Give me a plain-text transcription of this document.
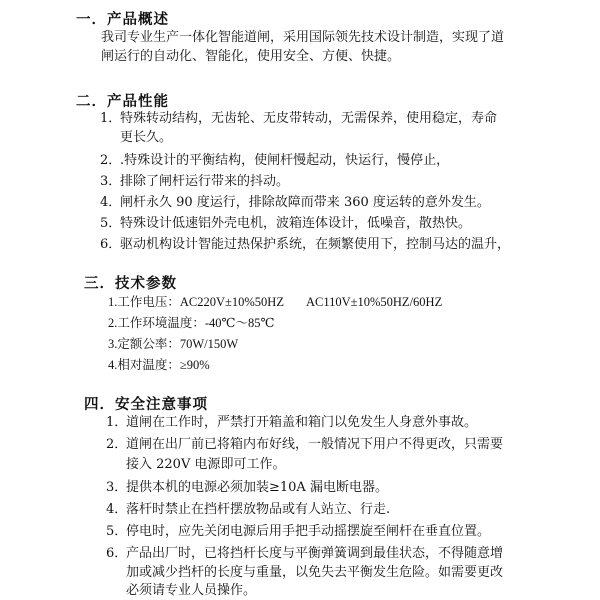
一．产品概述
我司专业生产一体化智能道闸，采用国际领先技术设计制造，实现了道
闸运行的自动化、智能化，使用安全、方便、快捷。
二．产品性能
1．
特殊转动结构，无齿轮、无皮带转动，无需保养，使用稳定，寿命
更长久。
2．
.特殊设计的平衡结构，使闸杆慢起动，快运行，慢停止，
3．
排除了闸杆运行带来的抖动。
4．
闸杆永久 90 度运行，排除故障而带来 360 度运转的意外发生。
5．
特殊设计低速铝外壳电机，波箱连体设计，低噪音，散热快。
6．
驱动机构设计智能过热保护系统，在频繁使用下，控制马达的温升，
三．技术参数
1.工作电压：AC220V±10%50HZ AC110V±10%50HZ/60HZ
2.工作环境温度：-40℃～85℃
3.定额公率：70W/150W
4.相对温度：≥90%
四．安全注意事项
1．
道闸在工作时，严禁打开箱盖和箱门以免发生人身意外事故。
2．
道闸在出厂前已将箱内布好线，一般情况下用户不得更改，只需要
接入 220V 电源即可工作。
3．
提供本机的电源必须加装≥10A 漏电断电器。
4．
落杆时禁止在挡杆摆放物品或有人站立、行走.
5．
停电时，应先关闭电源后用手把手动摇摆旋至闸杆在垂直位置。
6．
产品出厂时，已将挡杆长度与平衡弹簧调到最佳状态，不得随意增
加或减少挡杆的长度与重量，以免失去平衡发生危险。如需要更改
必须请专业人员操作。
